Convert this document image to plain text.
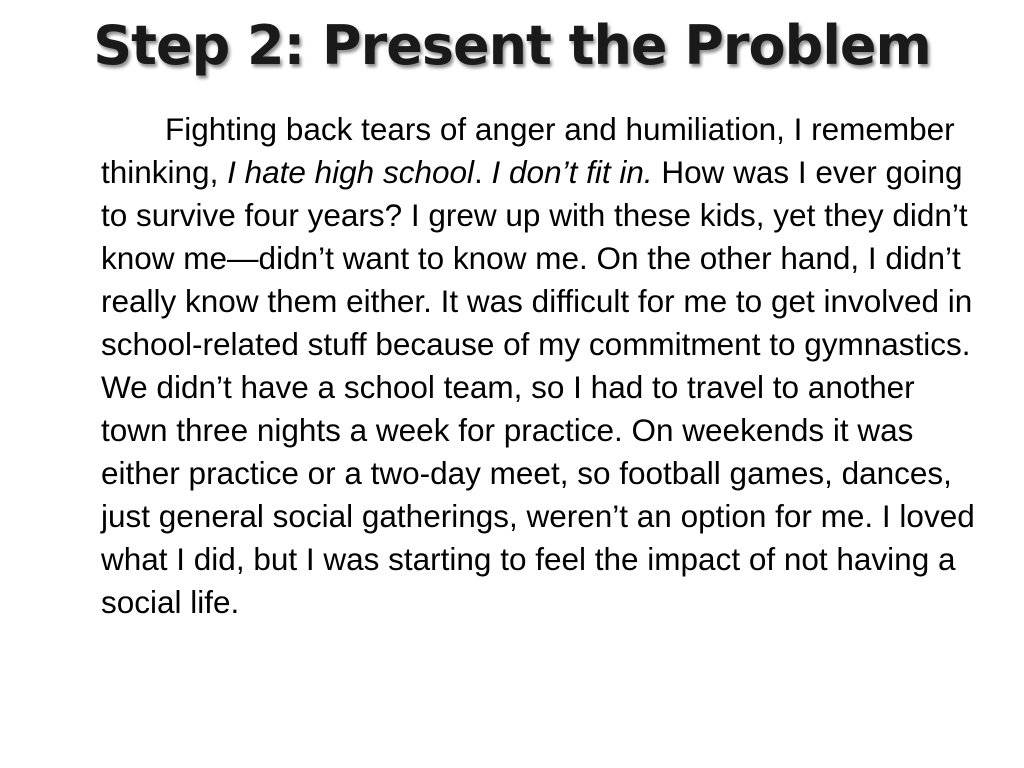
Step 2: Present the Problem

Fighting back tears of anger and humiliation, I remember thinking, I hate high school. I don’t fit in. How was I ever going to survive four years? I grew up with these kids, yet they didn’t know me—didn’t want to know me. On the other hand, I didn’t really know them either. It was difficult for me to get involved in school-related stuff because of my commitment to gymnastics. We didn’t have a school team, so I had to travel to another town three nights a week for practice. On weekends it was either practice or a two-day meet, so football games, dances, just general social gatherings, weren’t an option for me. I loved what I did, but I was starting to feel the impact of not having a social life.
